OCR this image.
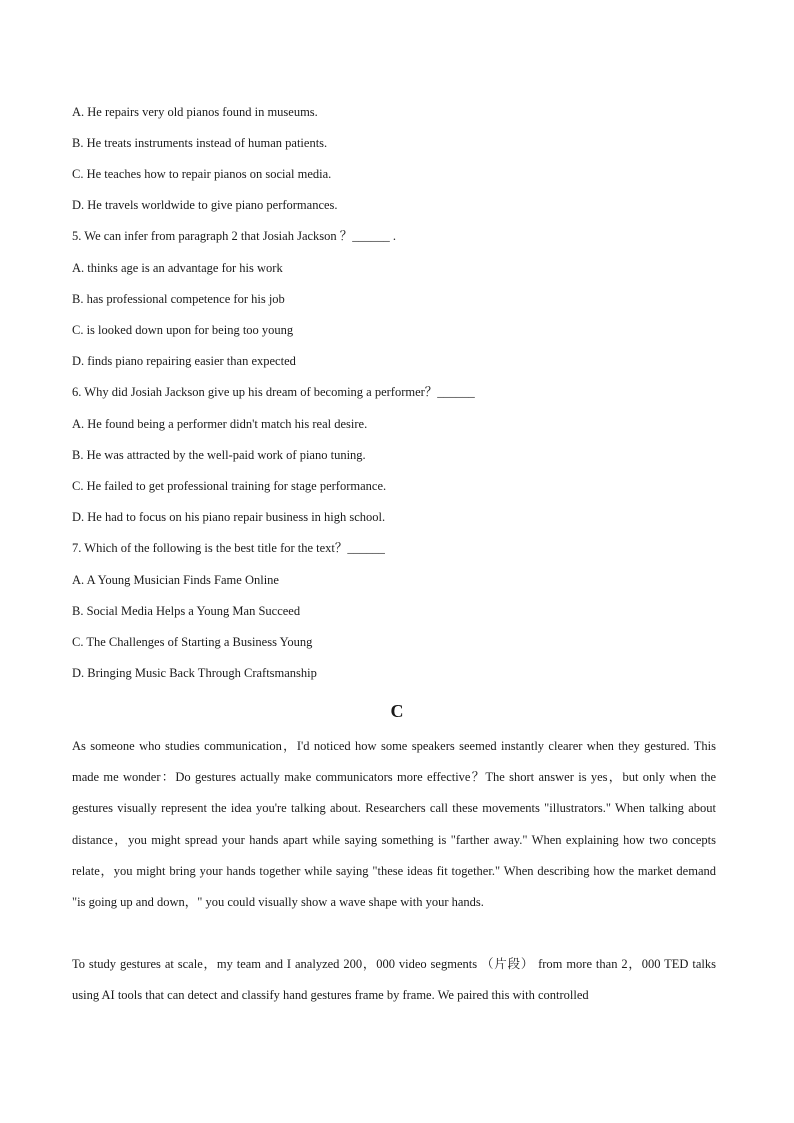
A. He repairs very old pianos found in museums.
B. He treats instruments instead of human patients.
C. He teaches how to repair pianos on social media.
D. He travels worldwide to give piano performances.
5. We can infer from paragraph 2 that Josiah Jackson ？______ .
A. thinks age is an advantage for his work
B. has professional competence for his job
C. is looked down upon for being too young
D. finds piano repairing easier than expected
6. Why did Josiah Jackson give up his dream of becoming a performer？______
A. He found being a performer didn't match his real desire.
B. He was attracted by the well-paid work of piano tuning.
C. He failed to get professional training for stage performance.
D. He had to focus on his piano repair business in high school.
7. Which of the following is the best title for the text？______
A. A Young Musician Finds Fame Online
B. Social Media Helps a Young Man Succeed
C. The Challenges of Starting a Business Young
D. Bringing Music Back Through Craftsmanship
C

As someone who studies communication，I'd noticed how some speakers seemed instantly clearer when they gestured. This made me wonder：Do gestures actually make communicators more effective？The short answer is yes，but only when the gestures visually represent the idea you're talking about. Researchers call these movements "illustrators." When talking about distance，you might spread your hands apart while saying something is "farther away." When explaining how two concepts relate，you might bring your hands together while saying "these ideas fit together." When describing how the market demand "is going up and down，" you could visually show a wave shape with your hands.

To study gestures at scale，my team and I analyzed 200，000 video segments （片段） from more than 2，000 TED talks using AI tools that can detect and classify hand gestures frame by frame. We paired this with controlled
